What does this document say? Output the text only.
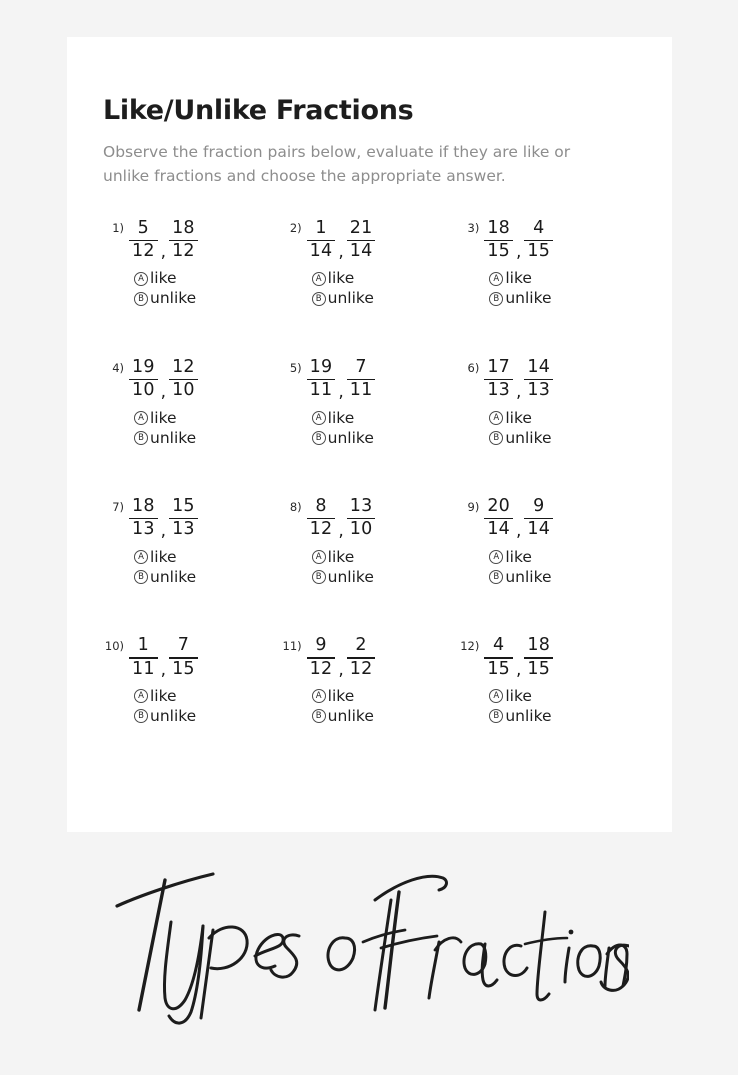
Like/Unlike Fractions

Observe the fraction pairs below, evaluate if they are like or unlike fractions and choose the appropriate answer.

$1) \frac{5}{12}$ , $\frac{18}{12}$
A like
B unlike
$2) \frac{1}{14}$ , $\frac{21}{14}$
A like
B unlike
$3) \frac{18}{15}$ , $\frac{4}{15}$
A like
B unlike
$4) \frac{19}{10}$ , $\frac{12}{10}$
A like
B unlike
$5) \frac{19}{11}$ , $\frac{7}{11}$
A like
B unlike
$6) \frac{17}{13}$ , $\frac{14}{13}$
A like
B unlike
$7) \frac{18}{13}$ , $\frac{15}{13}$
A like
B unlike
$8) \frac{8}{12}$ , $\frac{13}{10}$
A like
B unlike
$9) \frac{20}{14}$ , $\frac{9}{14}$
A like
B unlike
$10) \frac{1}{11}$ , $\frac{7}{15}$
A like
B unlike
$11) \frac{9}{12}$ , $\frac{2}{12}$
A like
B unlike
$12) \frac{4}{15}$ , $\frac{18}{15}$
A like
B unlike
